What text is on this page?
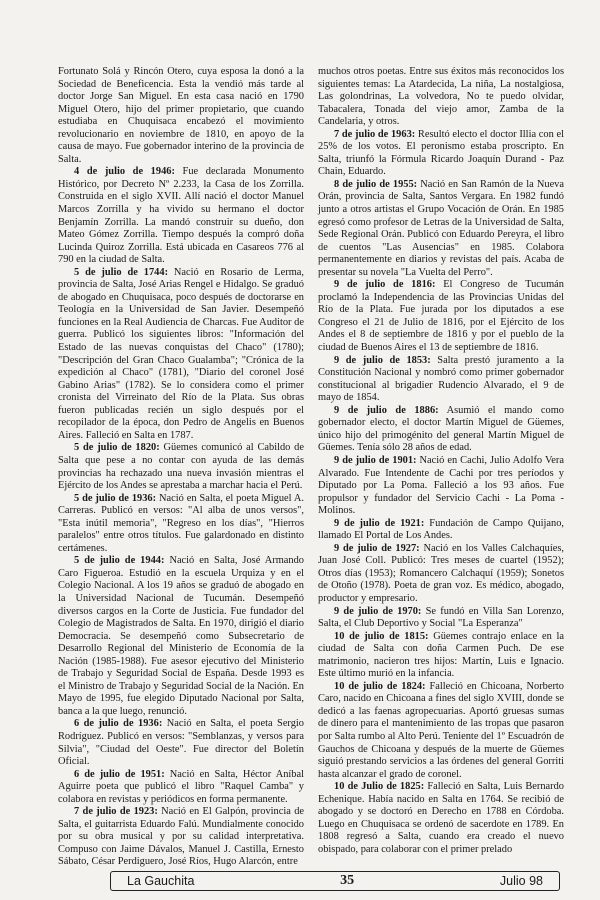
Fortunato Solá y Rincón Otero, cuya esposa la donó a la Sociedad de Beneficencia. Esta la vendió más tarde al doctor Jorge San Miguel. En esta casa nació en 1790 Miguel Otero, hijo del primer propietario, que cuando estudiaba en Chuquisaca encabezó el movimiento revolucionario en noviembre de 1810, en apoyo de la causa de mayo. Fue gobernador interino de la provincia de Salta.

4 de julio de 1946: Fue declarada Monumento Histórico, por Decreto Nº 2.233, la Casa de los Zorrilla. Construida en el siglo XVII. Allí nació el doctor Manuel Marcos Zorrilla y ha vivido su hermano el doctor Benjamín Zorrilla. La mandó construir su dueño, don Mateo Gómez Zorrilla. Tiempo después la compró doña Lucinda Quiroz Zorrilla. Está ubicada en Casareos 776 al 790 en la ciudad de Salta.

5 de julio de 1744: Nació en Rosario de Lerma, provincia de Salta, José Arias Rengel e Hidalgo. Se graduó de abogado en Chuquisaca, poco después de doctorarse en Teología en la Universidad de San Javier. Desempeñó funciones en la Real Audiencia de Charcas. Fue Auditor de guerra. Publicó los siguientes libros: "Información del Estado de las nuevas conquistas del Chaco" (1780); "Descripción del Gran Chaco Gualamba"; "Crónica de la expedición al Chaco" (1781), "Diario del coronel José Gabino Arias" (1782). Se lo considera como el primer cronista del Virreinato del Río de la Plata. Sus obras fueron publicadas recién un siglo después por el recopilador de la época, don Pedro de Angelis en Buenos Aires. Falleció en Salta en 1787.

5 de julio de 1820: Güemes comunicó al Cabildo de Salta que pese a no contar con ayuda de las demás provincias ha rechazado una nueva invasión mientras el Ejército de los Andes se aprestaba a marchar hacia el Perú.

5 de julio de 1936: Nació en Salta, el poeta Miguel A. Carreras. Publicó en versos: "Al alba de unos versos", "Esta inútil memoria", "Regreso en los días", "Hierros paralelos" entre otros títulos. Fue galardonado en distinto certámenes.

5 de julio de 1944: Nació en Salta, José Armando Caro Figueroa. Estudió en la escuela Urquiza y en el Colegio Nacional. A los 19 años se graduó de abogado en la Universidad Nacional de Tucumán. Desempeñó diversos cargos en la Corte de Justicia. Fue fundador del Colegio de Magistrados de Salta. En 1970, dirigió el diario Democracia. Se desempeñó como Subsecretario de Desarrollo Regional del Ministerio de Economía de la Nación (1985-1988). Fue asesor ejecutivo del Ministerio de Trabajo y Seguridad Social de España. Desde 1993 es el Ministro de Trabajo y Seguridad Social de la Nación. En Mayo de 1995, fue elegido Diputado Nacional por Salta, banca a la que luego, renunció.

6 de julio de 1936: Nació en Salta, el poeta Sergio Rodríguez. Publicó en versos: "Semblanzas, y versos para Silvia", "Ciudad del Oeste". Fue director del Boletín Oficial.

6 de julio de 1951: Nació en Salta, Héctor Aníbal Aguirre poeta que publicó el libro "Raquel Camba" y colabora en revistas y periódicos en forma permanente.

7 de julio de 1923: Nació en El Galpón, provincia de Salta, el guitarrista Eduardo Falú. Mundialmente conocido por su obra musical y por su calidad interpretativa. Compuso con Jaime Dávalos, Manuel J. Castilla, Ernesto Sábato, César Perdiguero, José Ríos, Hugo Alarcón, entre

muchos otros poetas. Entre sus éxitos más reconocidos los siguientes temas: La Atardecida, La niña, La nostalgiosa, Las golondrinas, La volvedora, No te puedo olvidar, Tabacalera, Tonada del viejo amor, Zamba de la Candelaria, y otros.

7 de julio de 1963: Resultó electo el doctor Illia con el 25% de los votos. El peronismo estaba proscripto. En Salta, triunfó la Fórmula Ricardo Joaquín Durand - Paz Chain, Eduardo.

8 de julio de 1955: Nació en San Ramón de la Nueva Orán, provincia de Salta, Santos Vergara. En 1982 fundó junto a otros artistas el Grupo Vocación de Orán. En 1985 egresó como profesor de Letras de la Universidad de Salta, Sede Regional Orán. Publicó con Eduardo Pereyra, el libro de cuentos "Las Ausencias" en 1985. Colabora permanentemente en diarios y revistas del país. Acaba de presentar su novela "La Vuelta del Perro".

9 de julio de 1816: El Congreso de Tucumán proclamó la Independencia de las Provincias Unidas del Río de la Plata. Fue jurada por los diputados a ese Congreso el 21 de Julio de 1816, por el Ejército de los Andes el 8 de septiembre de 1816 y por el pueblo de la ciudad de Buenos Aires el 13 de septiembre de 1816.

9 de julio de 1853: Salta prestó juramento a la Constitución Nacional y nombró como primer gobernador constitucional al brigadier Rudencio Alvarado, el 9 de mayo de 1854.

9 de julio de 1886: Asumió el mando como gobernador electo, el doctor Martín Miguel de Güemes, único hijo del primogénito del general Martín Miguel de Güemes. Tenía sólo 28 años de edad.

9 de julio de 1901: Nació en Cachi, Julio Adolfo Vera Alvarado. Fue Intendente de Cachi por tres períodos y Diputado por La Poma. Falleció a los 93 años. Fue propulsor y fundador del Servicio Cachi - La Poma - Molinos.

9 de julio de 1921: Fundación de Campo Quijano, llamado El Portal de Los Andes.

9 de julio de 1927: Nació en los Valles Calchaquíes, Juan José Coll. Publicó: Tres meses de cuartel (1952); Otros días (1953); Romancero Calchaquí (1959); Sonetos de Otoño (1978). Poeta de gran voz. Es médico, abogado, productor y empresario.

9 de julio de 1970: Se fundó en Villa San Lorenzo, Salta, el Club Deportivo y Social "La Esperanza"

10 de julio de 1815: Güemes contrajo enlace en la ciudad de Salta con doña Carmen Puch. De ese matrimonio, nacieron tres hijos: Martín, Luis e Ignacio. Este último murió en la infancia.

10 de julio de 1824: Falleció en Chicoana, Norberto Caro, nacido en Chicoana a fines del siglo XVIII, donde se dedicó a las faenas agropecuarias. Aportó gruesas sumas de dinero para el mantenimiento de las tropas que pasaron por Salta rumbo al Alto Perú. Teniente del 1º Escuadrón de Gauchos de Chicoana y después de la muerte de Güemes siguió prestando servicios a las órdenes del general Gorriti hasta alcanzar el grado de coronel.

10 de Julio de 1825: Falleció en Salta, Luis Bernardo Echenique. Había nacido en Salta en 1764. Se recibió de abogado y se doctoró en Derecho en 1788 en Córdoba. Luego en Chuquisaca se ordenó de sacerdote en 1789. En 1808 regresó a Salta, cuando era creado el nuevo obispado, para colaborar con el primer prelado

La Gauchita	35	Julio 98
